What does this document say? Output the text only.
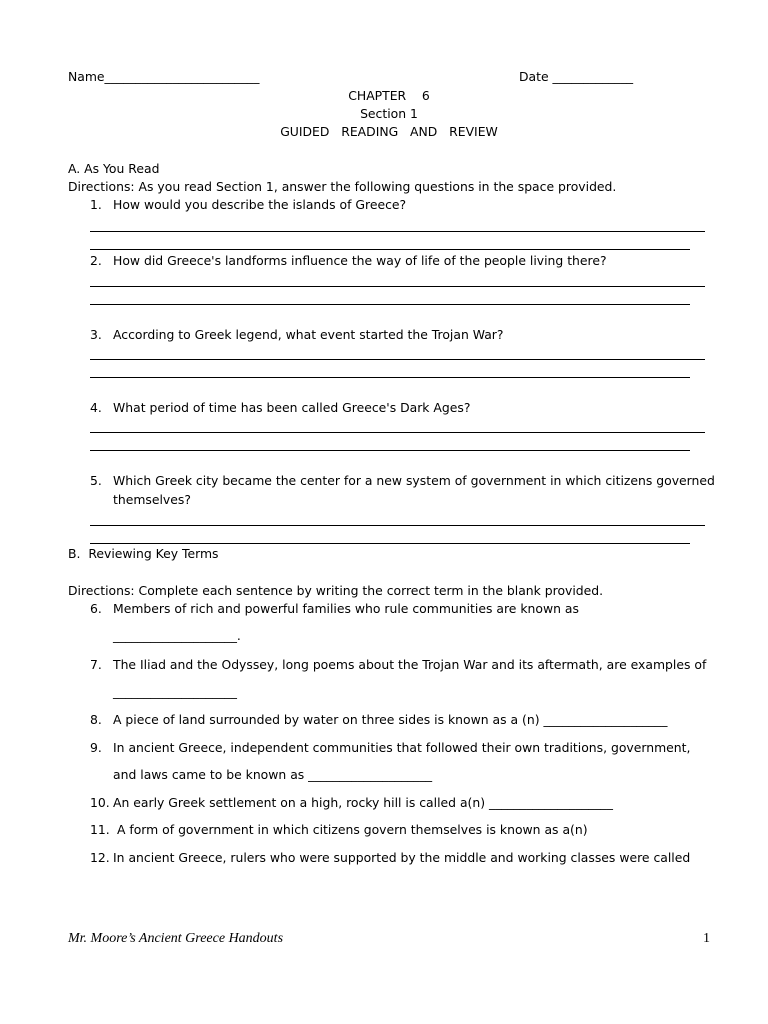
Name_________________________	Date _____________
CHAPTER    6
Section 1
GUIDED   READING   AND   REVIEW
A. As You Read
Directions: As you read Section 1, answer the following questions in the space provided.
1. How would you describe the islands of Greece?
2. How did Greece's landforms influence the way of life of the people living there?
3. According to Greek legend, what event started the Trojan War?
4. What period of time has been called Greece's Dark Ages?
5. Which Greek city became the center for a new system of government in which citizens governed
themselves?
B.  Reviewing Key Terms
Directions: Complete each sentence by writing the correct term in the blank provided.
6. Members of rich and powerful families who rule communities are known as
____________________.
7. The Iliad and the Odyssey, long poems about the Trojan War and its aftermath, are examples of
____________________
8. A piece of land surrounded by water on three sides is known as a (n) ____________________
9. In ancient Greece, independent communities that followed their own traditions, government,
and laws came to be known as ____________________
10. An early Greek settlement on a high, rocky hill is called a(n) ____________________
11. A form of government in which citizens govern themselves is known as a(n)
12. In ancient Greece, rulers who were supported by the middle and working classes were called
Mr. Moore’s Ancient Greece Handouts	1
